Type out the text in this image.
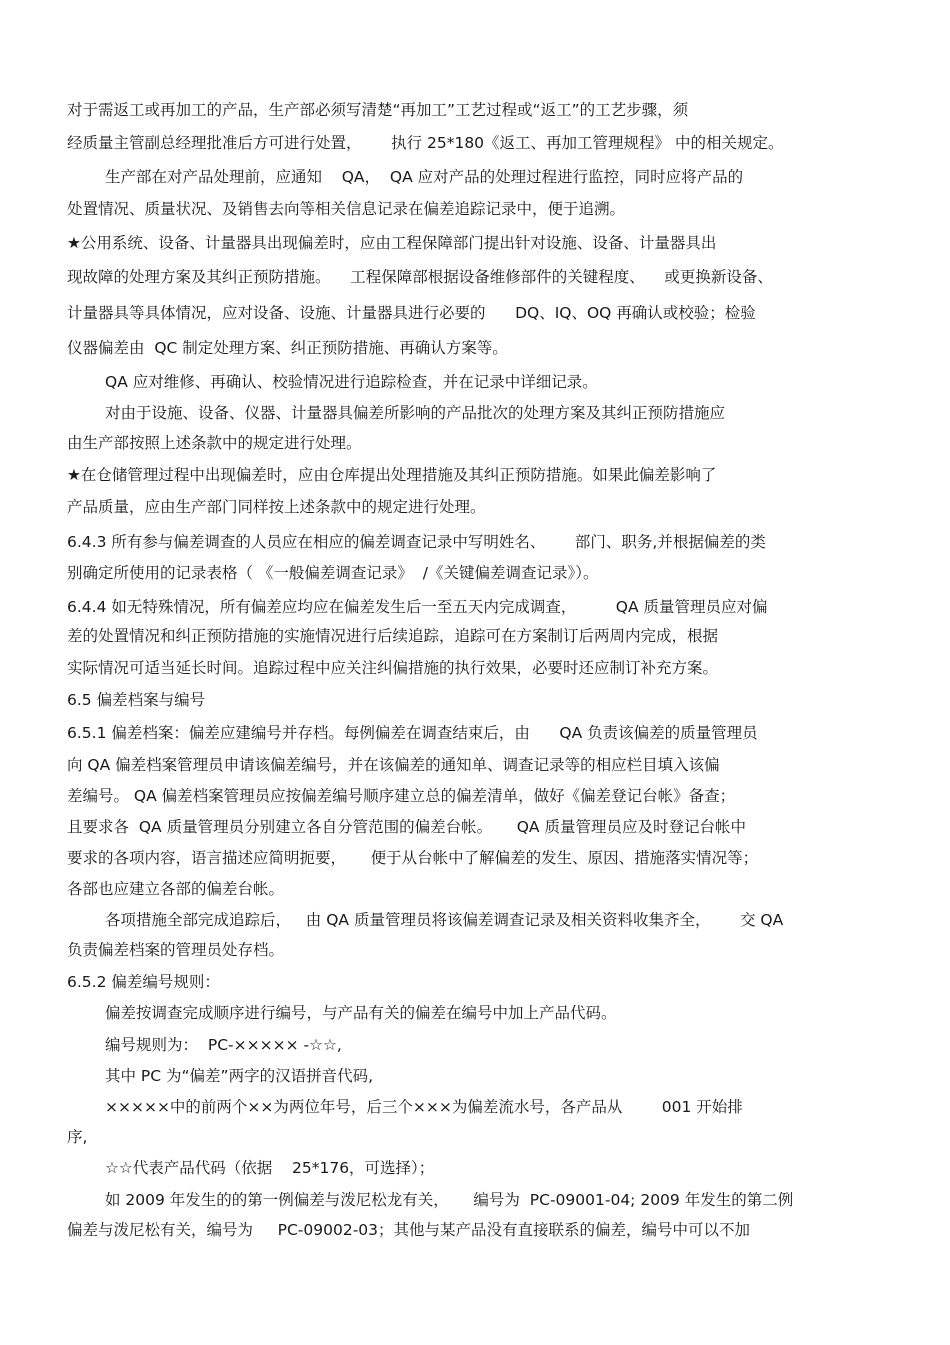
对于需返工或再加工的产品，生产部必须写清楚“再加工”工艺过程或“返工”的工艺步骤，须

经质量主管副总经理批准后方可进行处置，      执行 25*180《返工、再加工管理规程》 中的相关规定。

生产部在对产品处理前，应通知    QA，  QA 应对产品的处理过程进行监控，同时应将产品的

处置情况、质量状况、及销售去向等相关信息记录在偏差追踪记录中，便于追溯。

★公用系统、设备、计量器具出现偏差时，应由工程保障部门提出针对设施、设备、计量器具出

现故障的处理方案及其纠正预防措施。    工程保障部根据设备维修部件的关键程度、    或更换新设备、

计量器具等具体情况，应对设备、设施、计量器具进行必要的      DQ、IQ、OQ 再确认或校验；检验

仪器偏差由  QC 制定处理方案、纠正预防措施、再确认方案等。

QA 应对维修、再确认、校验情况进行追踪检查，并在记录中详细记录。

对由于设施、设备、仪器、计量器具偏差所影响的产品批次的处理方案及其纠正预防措施应

由生产部按照上述条款中的规定进行处理。

★在仓储管理过程中出现偏差时，应由仓库提出处理措施及其纠正预防措施。如果此偏差影响了

产品质量，应由生产部门同样按上述条款中的规定进行处理。

6.4.3 所有参与偏差调查的人员应在相应的偏差调查记录中写明姓名、      部门、职务,并根据偏差的类

别确定所使用的记录表格（ 《一般偏差调查记录》  /《关键偏差调查记录》）。

6.4.4 如无特殊情况，所有偏差应均应在偏差发生后一至五天内完成调查，        QA 质量管理员应对偏

差的处置情况和纠正预防措施的实施情况进行后续追踪，追踪可在方案制订后两周内完成，根据

实际情况可适当延长时间。追踪过程中应关注纠偏措施的执行效果，必要时还应制订补充方案。

6.5 偏差档案与编号

6.5.1 偏差档案：偏差应建编号并存档。每例偏差在调查结束后，由      QA 负责该偏差的质量管理员

向 QA 偏差档案管理员申请该偏差编号，并在该偏差的通知单、调查记录等的相应栏目填入该偏

差编号。 QA 偏差档案管理员应按偏差编号顺序建立总的偏差清单，做好《偏差登记台帐》备查；

且要求各  QA 质量管理员分别建立各自分管范围的偏差台帐。     QA 质量管理员应及时登记台帐中

要求的各项内容，语言描述应简明扼要，     便于从台帐中了解偏差的发生、原因、措施落实情况等；

各部也应建立各部的偏差台帐。

各项措施全部完成追踪后，   由 QA 质量管理员将该偏差调查记录及相关资料收集齐全，      交 QA

负责偏差档案的管理员处存档。

6.5.2 偏差编号规则：

偏差按调查完成顺序进行编号，与产品有关的偏差在编号中加上产品代码。

编号规则为：  PC-××××× -☆☆,

其中 PC 为“偏差”两字的汉语拼音代码,

×××××中的前两个××为两位年号，后三个×××为偏差流水号，各产品从        001 开始排

序,

☆☆代表产品代码（依据    25*176，可选择）；

如 2009 年发生的的第一例偏差与泼尼松龙有关，     编号为  PC-09001-04; 2009 年发生的第二例

偏差与泼尼松有关，编号为     PC-09002-03；其他与某产品没有直接联系的偏差，编号中可以不加
